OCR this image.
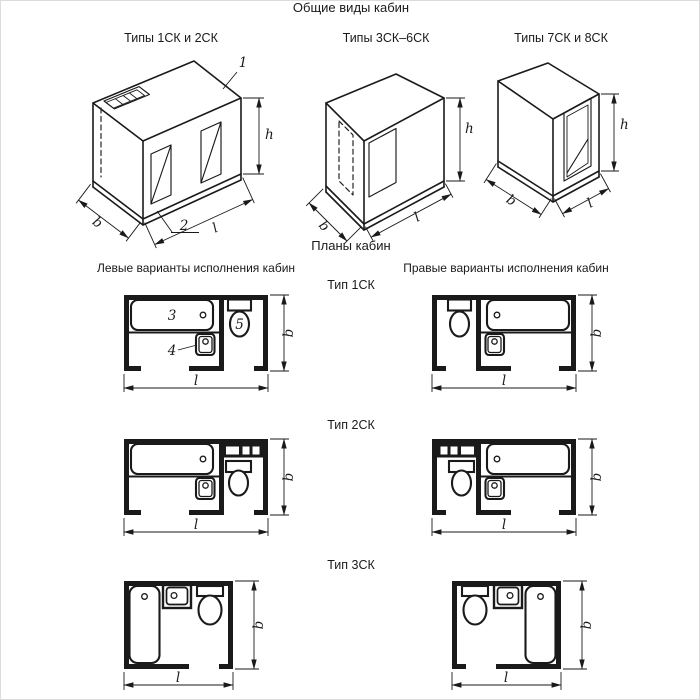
Общие виды кабин
Типы 1СК и 2СК	Типы 3СК–6СК	Типы 7СК и 8СК
Планы кабин
Левые варианты исполнения кабин	Правые варианты исполнения кабин
Тип 1СК
Тип 2СК
Тип 3СК
1
2
h
b	l
h
b	l
h
b	l
3
4
5	b
l
b
l
b
l
b
l
b
l
b
l
